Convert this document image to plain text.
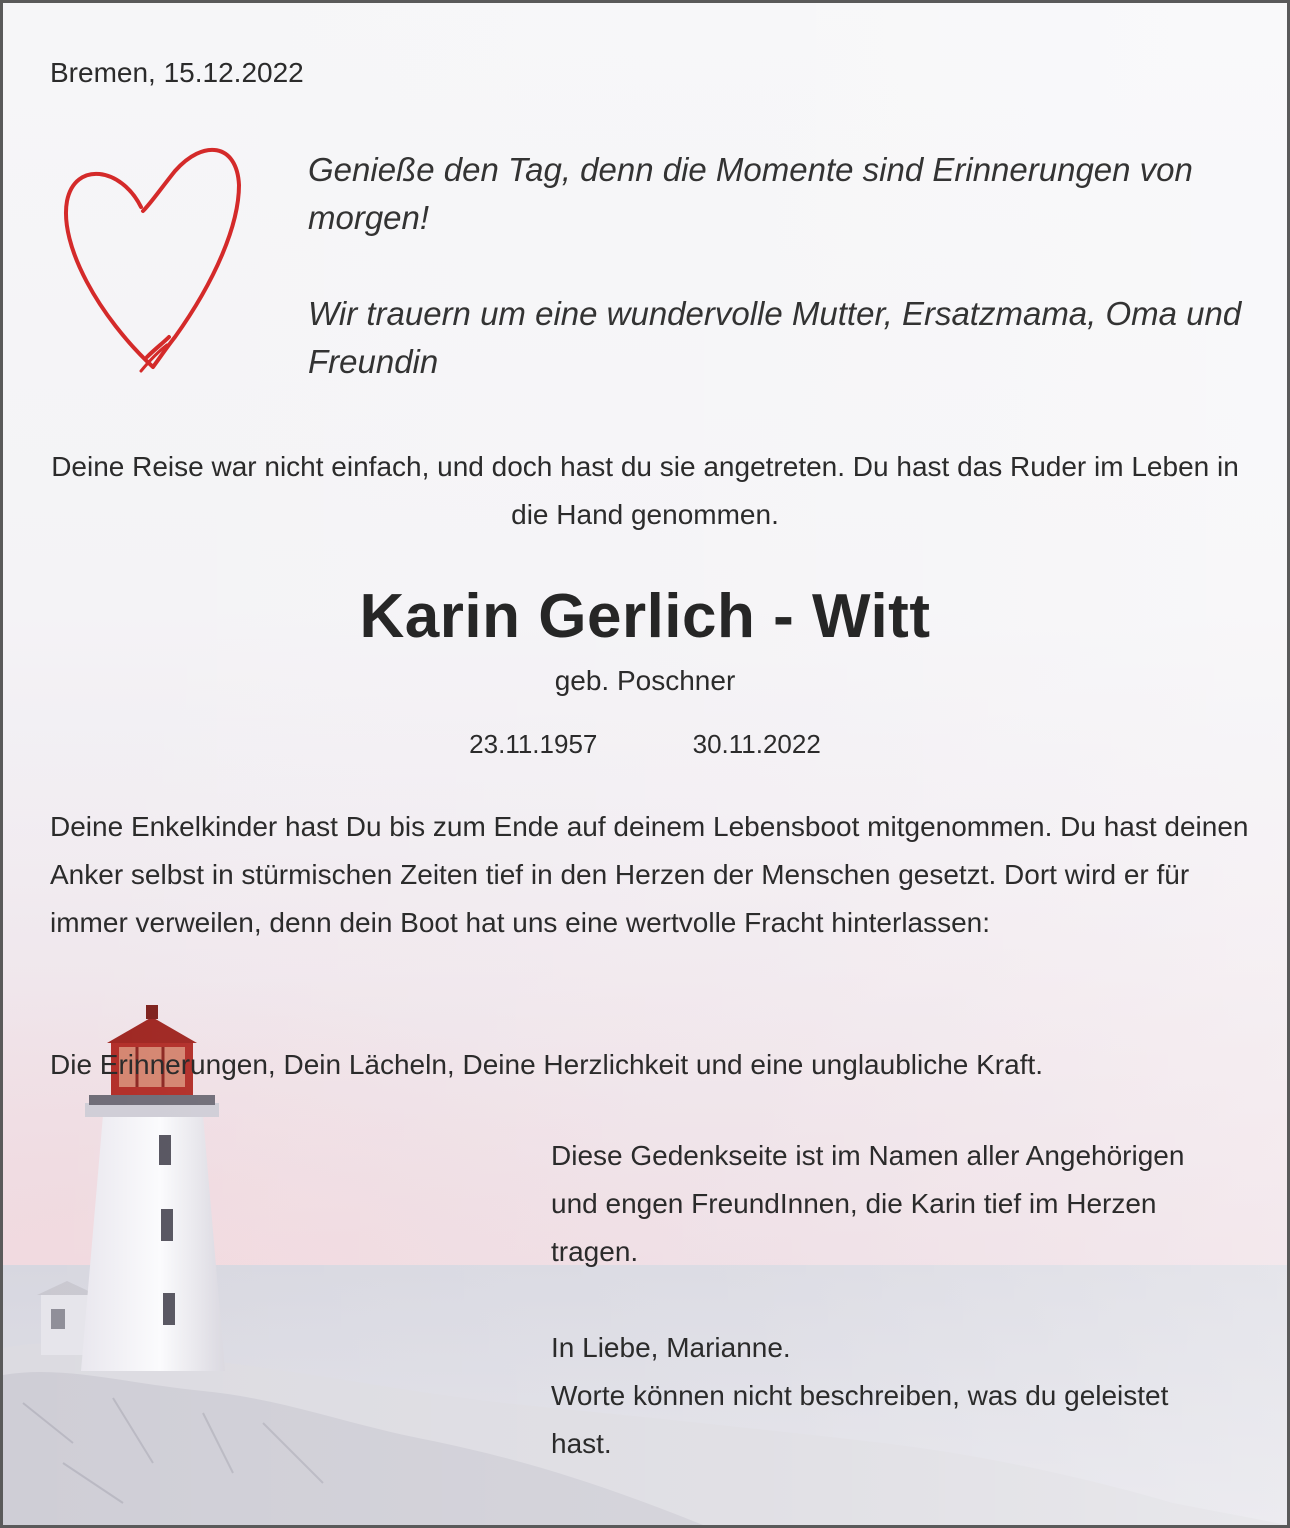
Bremen, 15.12.2022
Genieße den Tag, denn die Momente sind Erinnerungen von morgen!
Wir trauern um eine wundervolle Mutter, Ersatzmama, Oma und Freundin
Deine Reise war nicht einfach, und doch hast du sie angetreten. Du hast das Ruder im Leben in die Hand genommen.
Karin Gerlich - Witt
geb. Poschner
23.11.1957	30.11.2022
Deine Enkelkinder hast Du bis zum Ende auf deinem Lebensboot mitgenommen. Du hast deinen Anker selbst in stürmischen Zeiten tief in den Herzen der Menschen gesetzt. Dort wird er für immer verweilen, denn dein Boot hat uns eine wertvolle Fracht hinterlassen:
Die Erinnerungen, Dein Lächeln, Deine Herzlichkeit und eine unglaubliche Kraft.
Diese Gedenkseite ist im Namen aller Angehörigen und engen FreundInnen, die Karin tief im Herzen tragen.

In Liebe, Marianne.

Worte können nicht beschreiben, was du geleistet hast.
